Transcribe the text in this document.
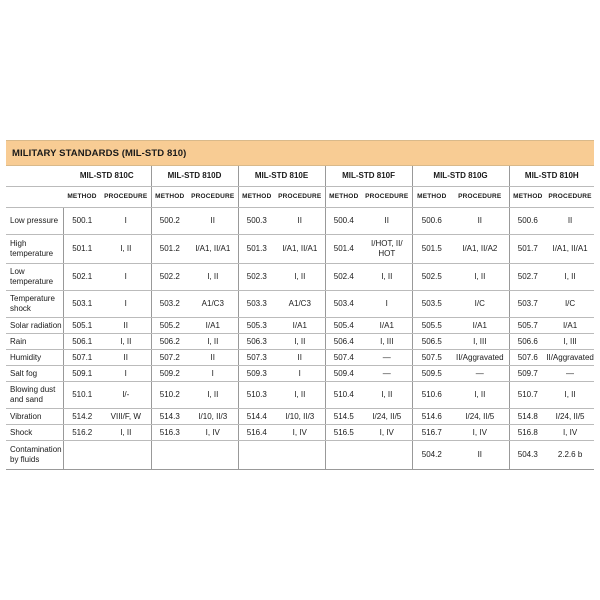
MILITARY STANDARDS (MIL-STD 810)
	MIL-STD 810C		MIL-STD 810D		MIL-STD 810E		MIL-STD 810F		MIL-STD 810G		MIL-STD 810H	
	METHOD	PROCEDURE	METHOD	PROCEDURE	METHOD	PROCEDURE	METHOD	PROCEDURE	METHOD	PROCEDURE	METHOD	PROCEDURE
Low pressure	500.1	I	500.2	II	500.3	II	500.4	II	500.6	II	500.6	II
High temperature	501.1	I, II	501.2	I/A1, II/A1	501.3	I/A1, II/A1	501.4	I/HOT, II/ HOT	501.5	I/A1, II/A2	501.7	I/A1, II/A1
Low temperature	502.1	I	502.2	I, II	502.3	I, II	502.4	I, II	502.5	I, II	502.7	I, II
Temperature shock	503.1	I	503.2	A1/C3	503.3	A1/C3	503.4	I	503.5	I/C	503.7	I/C
Solar radiation	505.1	II	505.2	I/A1	505.3	I/A1	505.4	I/A1	505.5	I/A1	505.7	I/A1
Rain	506.1	I, II	506.2	I, II	506.3	I, II	506.4	I, III	506.5	I, III	506.6	I, III
Humidity	507.1	II	507.2	II	507.3	II	507.4	—	507.5	II/Aggravated	507.6	II/Aggravated
Salt fog	509.1	I	509.2	I	509.3	I	509.4	—	509.5	—	509.7	—
Blowing dust and sand	510.1	I/-	510.2	I, II	510.3	I, II	510.4	I, II	510.6	I, II	510.7	I, II
Vibration	514.2	VIII/F, W	514.3	I/10, II/3	514.4	I/10, II/3	514.5	I/24, II/5	514.6	I/24, II/5	514.8	I/24, II/5
Shock	516.2	I, II	516.3	I, IV	516.4	I, IV	516.5	I, IV	516.7	I, IV	516.8	I, IV
Contamination by fluids									504.2	II	504.3	2.2.6 b
